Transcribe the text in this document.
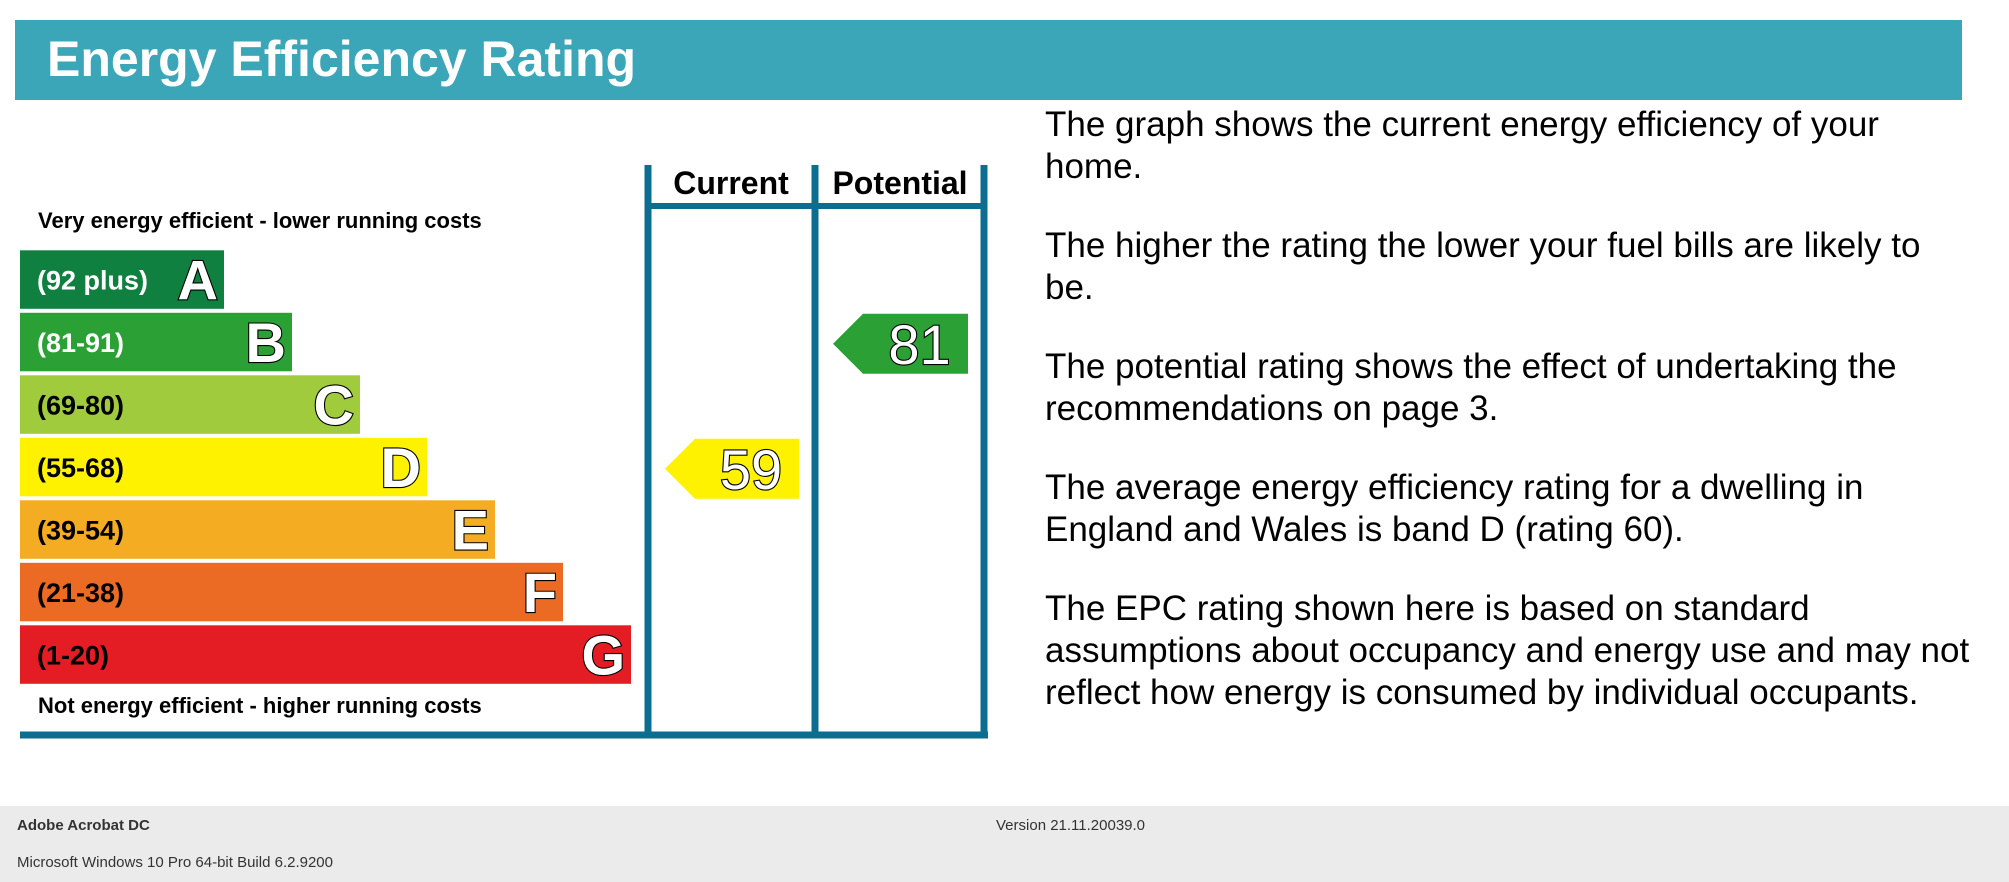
Energy Efficiency Rating
Very energy efficient - lower running costs
Not energy efficient - higher running costs
(92 plus) A
(81-91) B
(69-80)	C
(55-68)	D
(39-54)	E
(21-38)	F
(1-20)	G
Current Potential
59
81

The graph shows the current energy efficiency of your home.

The higher the rating the lower your fuel bills are likely to be.

The potential rating shows the effect of undertaking the recommendations on page 3.

The average energy efficiency rating for a dwelling in England and Wales is band D (rating 60).

The EPC rating shown here is based on standard assumptions about occupancy and energy use and may not reflect how energy is consumed by individual occupants.

Adobe Acrobat DC	Version 21.11.20039.0
Microsoft Windows 10 Pro 64-bit Build 6.2.9200
